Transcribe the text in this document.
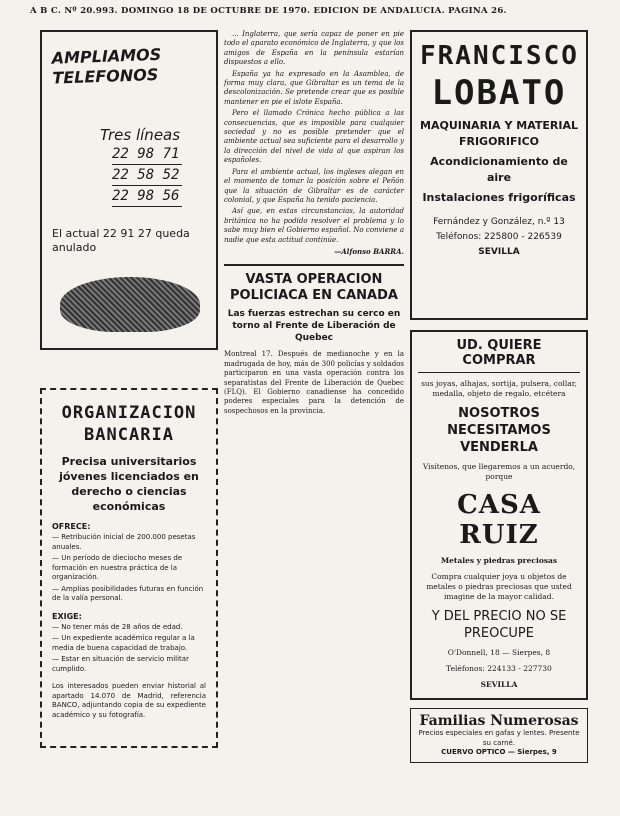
A B C. Nº 20.993. DOMINGO 18 DE OCTUBRE DE 1970. EDICION DE ANDALUCIA. PAGINA 26.
AMPLIAMOS
TELEFONOS
Tres líneas
22 98 71
22 58 52
22 98 56
El actual 22 91 27 queda anulado
ORGANIZACION
BANCARIA
Precisa universitarios jóvenes licenciados en derecho o ciencias económicas
OFRECE:
— Retribución inicial de 200.000 pesetas anuales.
— Un período de dieciocho meses de formación en nuestra práctica de la organización.
— Amplias posibilidades futuras en función de la valía personal.
EXIGE:
— No tener más de 28 años de edad.
— Un expediente académico regular a la media de buena capacidad de trabajo.
— Estar en situación de servicio militar cumplido.
Los interesados pueden enviar historial al apartado 14.070 de Madrid, referencia BANCO, adjuntando copia de su expediente académico y su fotografía.

... Inglaterra, que sería capaz de poner en pie todo el aparato económico de Inglaterra, y que los amigos de España en la península estarían dispuestos a ello.

España ya ha expresado en la Asamblea, de forma muy clara, que Gibraltar es un tema de la descolonización. Se pretende crear que es posible mantener en pie el islote España.

Pero el llamado Crónica hecho pública a las consecuencias, que es imposible para cualquier sociedad y no es posible pretender que el ambiente actual sea suficiente para el desarrollo y la dirección del nivel de vida al que aspiran los españoles.

Para el ambiente actual, los ingleses alegan en el momento de tomar la posición sobre el Peñón que la situación de Gibraltar es de carácter colonial, y que España ha tenido paciencia.

Así que, en estas circunstancias, la autoridad británica no ha podido resolver el problema y lo sabe muy bien el Gobierno español. No conviene a nadie que esta actitud continúe.

—Alfonso BARRA.

VASTA OPERACION POLICIACA EN CANADA
Las fuerzas estrechan su cerco en torno al Frente de Liberación de Quebec
Montreal 17. Después de medianoche y en la madrugada de hoy, más de 300 policías y soldados participaron en una vasta operación contra los separatistas del Frente de Liberación de Quebec (FLQ). El Gobierno canadiense ha concedido poderes especiales para la detención de sospechosos en la provincia.
FRANCISCO
LOBATO
MAQUINARIA Y MATERIAL FRIGORIFICO
Acondicionamiento de aire
Instalaciones frigoríficas
Fernández y González, n.º 13
Teléfonos: 225800 - 226539
SEVILLA
UD. QUIERE COMPRAR
sus joyas, alhajas, sortija, pulsera, collar, medalla, objeto de regalo, etcétera
NOSOTROS NECESITAMOS VENDERLA
Visítenos, que llegaremos a un acuerdo, porque
CASA RUIZ
Metales y piedras preciosas
Compra cualquier joya u objetos de metales o piedras preciosas que usted imagine de la mayor calidad.
Y DEL PRECIO NO SE PREOCUPE
O'Donnell, 18 — Sierpes, 8
Teléfonos: 224133 - 227730
SEVILLA
Familias Numerosas
Precios especiales en gafas y lentes. Presente su carné.
CUERVO OPTICO — Sierpes, 9
